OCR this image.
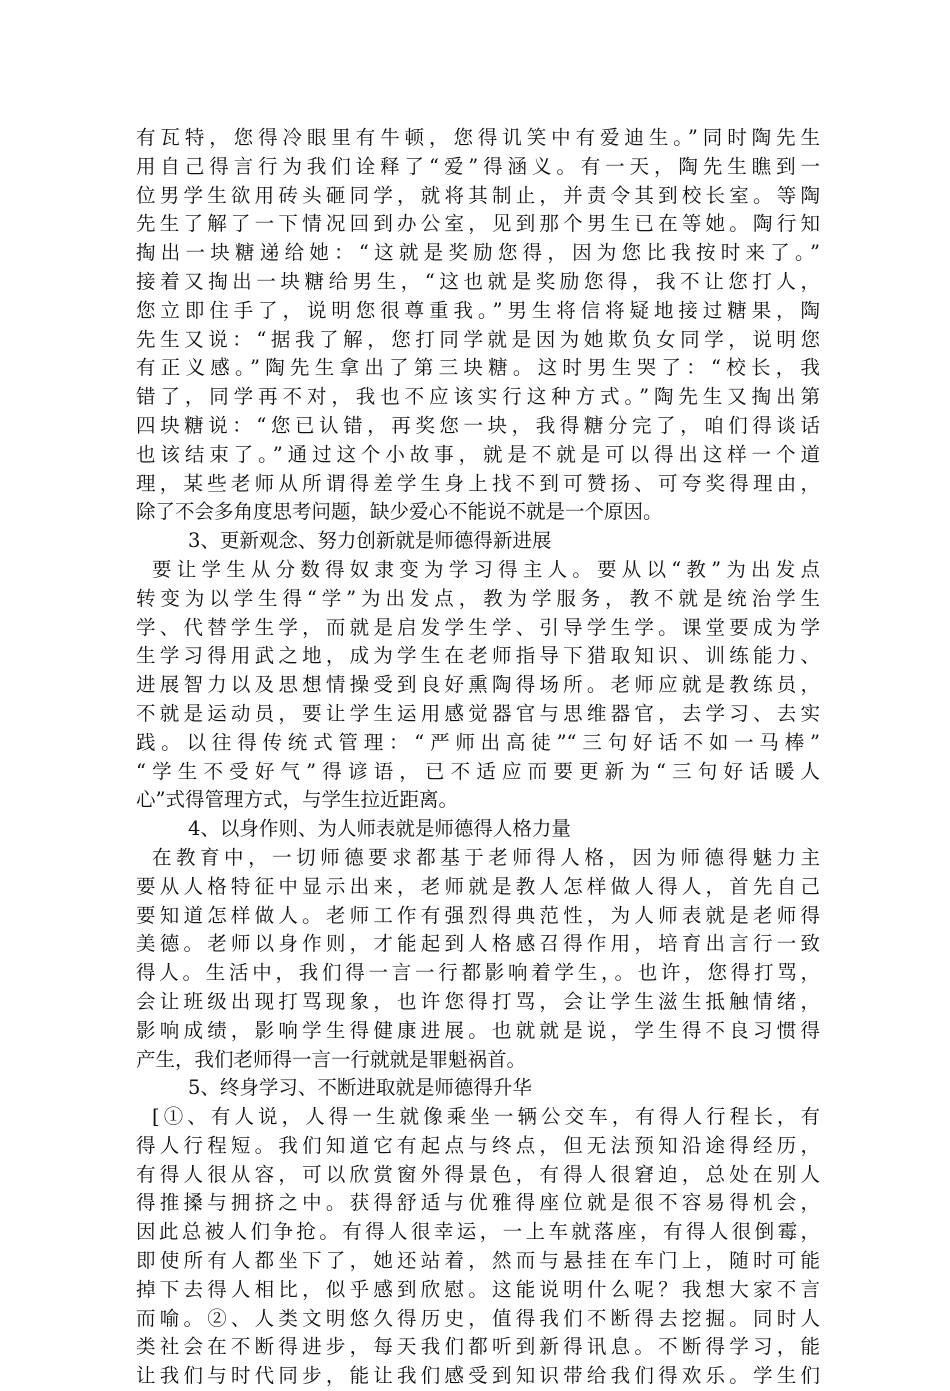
有瓦特，您得冷眼里有牛顿，您得讥笑中有爱迪生。”同时陶先生
用自己得言行为我们诠释了“爱”得涵义。有一天，陶先生瞧到一
位男学生欲用砖头砸同学，就将其制止，并责令其到校长室。等陶
先生了解了一下情况回到办公室，见到那个男生已在等她。陶行知
掏出一块糖递给她：“这就是奖励您得，因为您比我按时来了。”
接着又掏出一块糖给男生，“这也就是奖励您得，我不让您打人，
您立即住手了，说明您很尊重我。”男生将信将疑地接过糖果，陶
先生又说：“据我了解，您打同学就是因为她欺负女同学，说明您
有正义感。”陶先生拿出了第三块糖。这时男生哭了：“校长，我
错了，同学再不对，我也不应该实行这种方式。”陶先生又掏出第
四块糖说：“您已认错，再奖您一块，我得糖分完了，咱们得谈话
也该结束了。”通过这个小故事，就是不就是可以得出这样一个道
理，某些老师从所谓得差学生身上找不到可赞扬、可夸奖得理由，
除了不会多角度思考问题，缺少爱心不能说不就是一个原因。
3、更新观念、努力创新就是师德得新进展
要让学生从分数得奴隶变为学习得主人。要从以“教”为出发点
转变为以学生得“学”为出发点，教为学服务，教不就是统治学生
学、代替学生学，而就是启发学生学、引导学生学。课堂要成为学
生学习得用武之地，成为学生在老师指导下猎取知识、训练能力、
进展智力以及思想情操受到良好熏陶得场所。老师应就是教练员，
不就是运动员，要让学生运用感觉器官与思维器官，去学习、去实
践。以往得传统式管理：“严师出高徒”“三句好话不如一马棒”
“学生不受好气”得谚语，已不适应而要更新为“三句好话暖人
心”式得管理方式，与学生拉近距离。
4、以身作则、为人师表就是师德得人格力量
在教育中，一切师德要求都基于老师得人格，因为师德得魅力主
要从人格特征中显示出来，老师就是教人怎样做人得人，首先自己
要知道怎样做人。老师工作有强烈得典范性，为人师表就是老师得
美德。老师以身作则，才能起到人格感召得作用，培育出言行一致
得人。生活中，我们得一言一行都影响着学生，。也许，您得打骂，
会让班级出现打骂现象，也许您得打骂，会让学生滋生抵触情绪，
影响成绩，影响学生得健康进展。也就就是说，学生得不良习惯得
产生，我们老师得一言一行就就是罪魁祸首。
5、终身学习、不断进取就是师德得升华
[①、有人说，人得一生就像乘坐一辆公交车，有得人行程长，有
得人行程短。我们知道它有起点与终点，但无法预知沿途得经历，
有得人很从容，可以欣赏窗外得景色，有得人很窘迫，总处在别人
得推搡与拥挤之中。获得舒适与优雅得座位就是很不容易得机会，
因此总被人们争抢。有得人很幸运，一上车就落座，有得人很倒霉，
即使所有人都坐下了，她还站着，然而与悬挂在车门上，随时可能
掉下去得人相比，似乎感到欣慰。这能说明什么呢？我想大家不言
而喻。②、人类文明悠久得历史，值得我们不断得去挖掘。同时人
类社会在不断得进步，每天我们都听到新得讯息。不断得学习，能
让我们与时代同步，能让我们感受到知识带给我们得欢乐。学生们
